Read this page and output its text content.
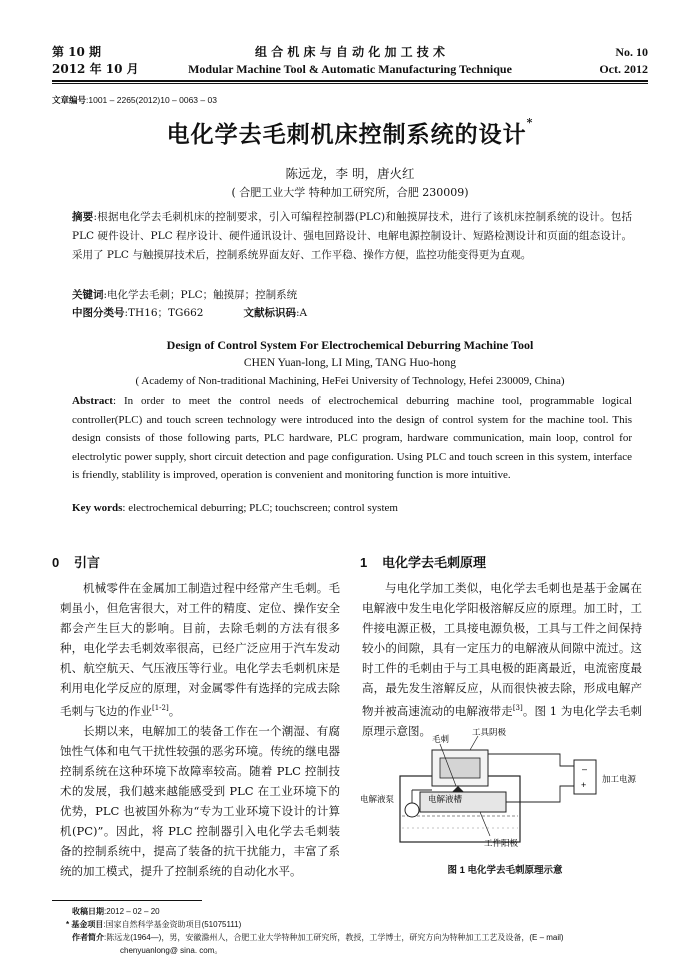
第 10 期
2012 年 10 月
组 合 机 床 与 自 动 化 加 工 技 术
Modular Machine Tool & Automatic Manufacturing Technique
No. 10
Oct. 2012
文章编号:1001 – 2265(2012)10 – 0063 – 03
电化学去毛刺机床控制系统的设计*
陈远龙，李 明，唐火红
( 合肥工业大学 特种加工研究所，合肥 230009)
摘要:根据电化学去毛刺机床的控制要求，引入可编程控制器(PLC)和触摸屏技术，进行了该机床控制系统的设计。包括 PLC 硬件设计、PLC 程序设计、硬件通讯设计、强电回路设计、电解电源控制设计、短路检测设计和页面的组态设计。采用了 PLC 与触摸屏技术后，控制系统界面友好、工作平稳、操作方便，监控功能变得更为直观。
关键词:电化学去毛刺；PLC；触摸屏；控制系统
中图分类号:TH16；TG662	文献标识码:A
Design of Control System For Electrochemical Deburring Machine Tool
CHEN Yuan-long, LI Ming, TANG Huo-hong
( Academy of Non-traditional Machining, HeFei University of Technology, Hefei 230009, China)
Abstract: In order to meet the control needs of electrochemical deburring machine tool, programmable logical controller(PLC) and touch screen technology were introduced into the design of control system for the machine tool. This design consists of those following parts, PLC hardware, PLC program, hardware communication, main loop, control for electrolytic power supply, short circuit detection and page configuration. Using PLC and touch screen in this system, interface is friendly, stablility is improved, operation is convenient and monitoring function is more intuitive.
Key words: electrochemical deburring; PLC; touchscreen; control system
0 引言

机械零件在金属加工制造过程中经常产生毛刺。毛刺虽小，但危害很大，对工件的精度、定位、操作安全都会产生巨大的影响。目前，去除毛刺的方法有很多种，电化学去毛刺效率很高，已经广泛应用于汽车发动机、航空航天、气压液压等行业。电化学去毛刺机床是利用电化学反应的原理，对金属零件有选择的完成去除毛刺与飞边的作业[1-2]。

长期以来，电解加工的装备工作在一个潮湿、有腐蚀性气体和电气干扰性较强的恶劣环境。传统的继电器控制系统在这种环境下故障率较高。随着 PLC 控制技术的发展，我们越来越能感受到 PLC 在工业环境下的优势，PLC 也被国外称为“专为工业环境下设计的计算机(PC)”。因此，将 PLC 控制器引入电化学去毛刺装备的控制系统中，提高了装备的抗干扰能力，丰富了系统的加工模式，提升了控制系统的自动化水平。

1 电化学去毛刺原理

与电化学加工类似，电化学去毛刺也是基于金属在电解液中发生电化学阳极溶解反应的原理。加工时，工件接电源正极，工具接电源负极，工具与工件之间保持较小的间隙，具有一定压力的电解液从间隙中流过。这时工件的毛刺由于与工具电极的距离最近，电流密度最高，最先发生溶解反应，从而很快被去除，形成电解产物并被高速流动的电解液带走[3]。图 1 为电化学去毛刺原理示意图。

–
+
工具阴极
毛刺
加工电源
电解液泵	电解液槽
工件阳极
图 1 电化学去毛刺原理示意
收稿日期:2012 – 02 – 20
* 基金项目:国家自然科学基金资助项目(51075111)
作者简介:陈远龙(1964—)，男，安徽滁州人，合肥工业大学特种加工研究所，教授，工学博士，研究方向为特种加工工艺及设备，(E – mail)
chenyuanlong@ sina. com。
